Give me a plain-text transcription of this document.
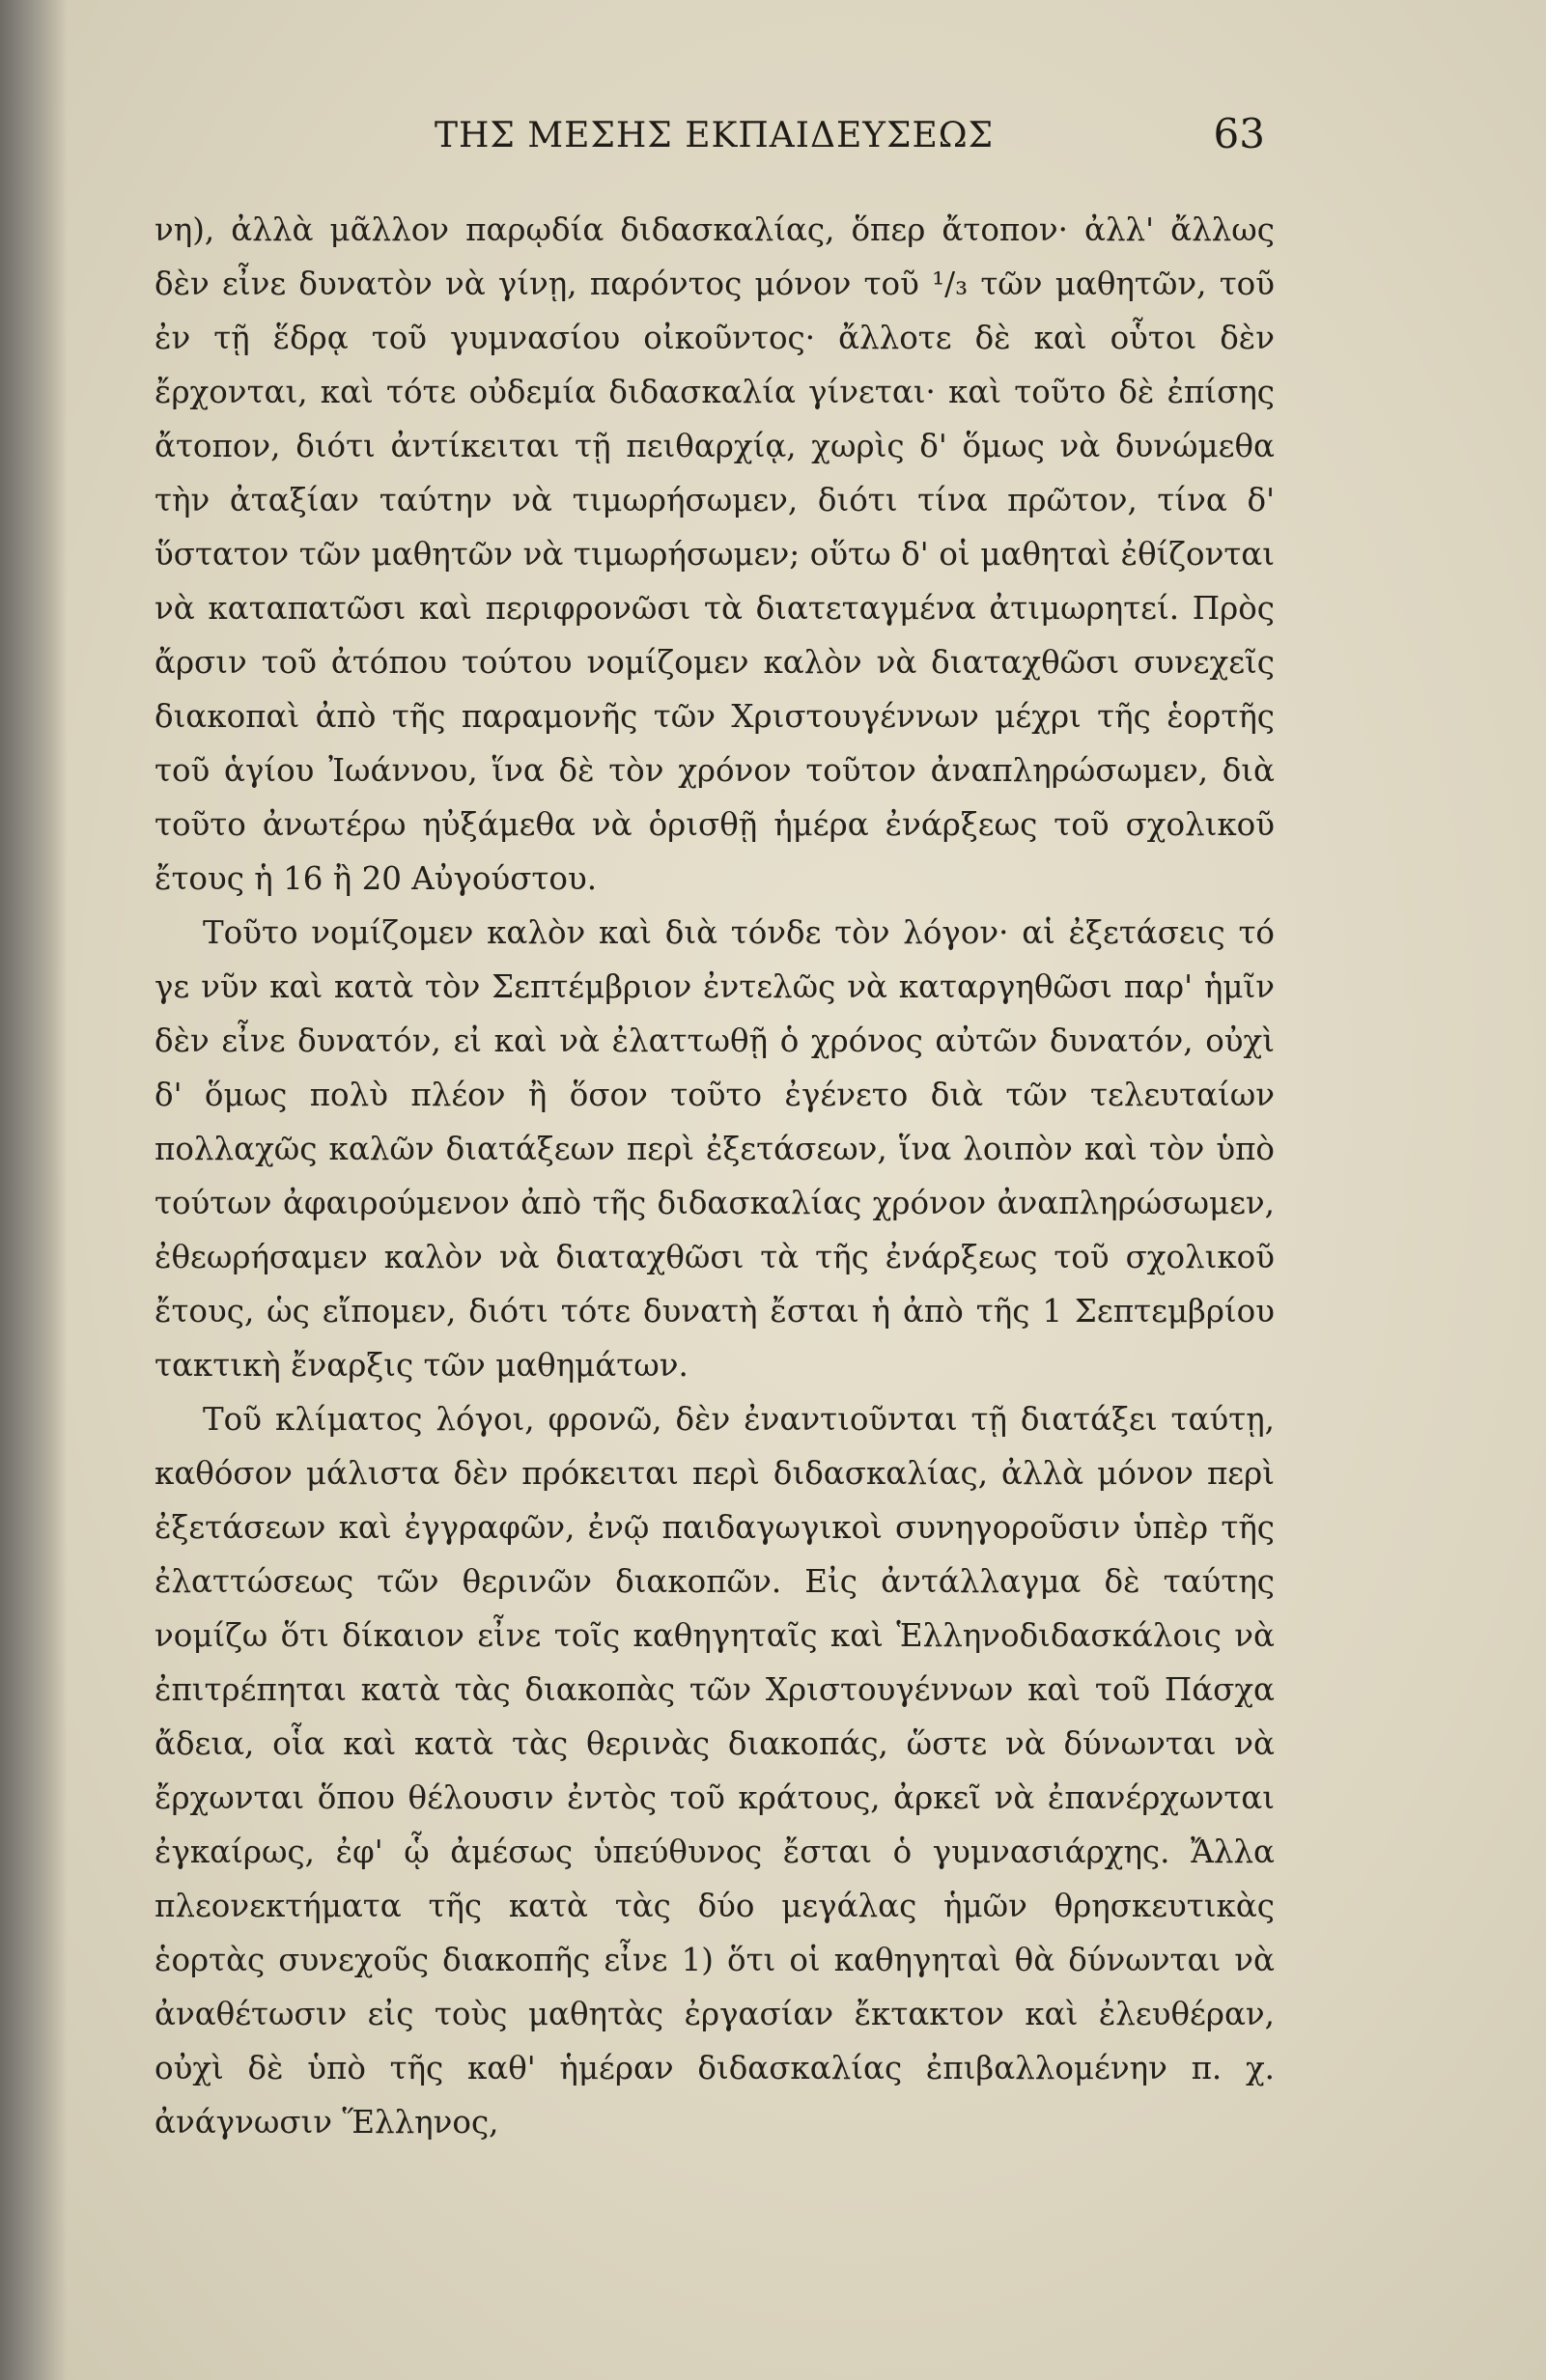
ΤΗΣ ΜΕΣΗΣ ΕΚΠΑΙΔΕΥΣΕΩΣ	63

νη), ἀλλὰ μᾶλλον παρῳδία διδασκαλίας, ὅπερ ἄτοπον· ἀλλ' ἄλλως δὲν εἶνε δυνατὸν νὰ γίνῃ, παρόντος μόνον τοῦ ¹/₃ τῶν μαθητῶν, τοῦ ἐν τῇ ἕδρᾳ τοῦ γυμνασίου οἰκοῦντος· ἄλλοτε δὲ καὶ οὗτοι δὲν ἔρχονται, καὶ τότε οὐδεμία διδασκαλία γίνεται· καὶ τοῦτο δὲ ἐπίσης ἄτοπον, διότι ἀντίκειται τῇ πειθαρχίᾳ, χωρὶς δ' ὅμως νὰ δυνώμεθα τὴν ἀταξίαν ταύτην νὰ τιμωρήσωμεν, διότι τίνα πρῶτον, τίνα δ' ὕστατον τῶν μαθητῶν νὰ τιμωρήσωμεν; οὕτω δ' οἱ μαθηταὶ ἐθίζονται νὰ καταπατῶσι καὶ περιφρονῶσι τὰ διατεταγμένα ἀτιμωρητεί. Πρὸς ἄρσιν τοῦ ἀτόπου τούτου νομίζομεν καλὸν νὰ διαταχθῶσι συνεχεῖς διακοπαὶ ἀπὸ τῆς παραμονῆς τῶν Χριστουγέννων μέχρι τῆς ἑορτῆς τοῦ ἁγίου Ἰωάννου, ἵνα δὲ τὸν χρόνον τοῦτον ἀναπληρώσωμεν, διὰ τοῦτο ἀνωτέρω ηὐξάμεθα νὰ ὁρισθῇ ἡμέρα ἐνάρξεως τοῦ σχολικοῦ ἔτους ἡ 16 ἢ 20 Αὐγούστου.

Τοῦτο νομίζομεν καλὸν καὶ διὰ τόνδε τὸν λόγον· αἱ ἐξετάσεις τό γε νῦν καὶ κατὰ τὸν Σεπτέμβριον ἐντελῶς νὰ καταργηθῶσι παρ' ἡμῖν δὲν εἶνε δυνατόν, εἰ καὶ νὰ ἐλαττωθῇ ὁ χρόνος αὐτῶν δυνατόν, οὐχὶ δ' ὅμως πολὺ πλέον ἢ ὅσον τοῦτο ἐγένετο διὰ τῶν τελευταίων πολλαχῶς καλῶν διατάξεων περὶ ἐξετάσεων, ἵνα λοιπὸν καὶ τὸν ὑπὸ τούτων ἀφαιρούμενον ἀπὸ τῆς διδασκαλίας χρόνον ἀναπληρώσωμεν, ἐθεωρήσαμεν καλὸν νὰ διαταχθῶσι τὰ τῆς ἐνάρξεως τοῦ σχολικοῦ ἔτους, ὡς εἴπομεν, διότι τότε δυνατὴ ἔσται ἡ ἀπὸ τῆς 1 Σεπτεμβρίου τακτικὴ ἔναρξις τῶν μαθημάτων.

Τοῦ κλίματος λόγοι, φρονῶ, δὲν ἐναντιοῦνται τῇ διατάξει ταύτῃ, καθόσον μάλιστα δὲν πρόκειται περὶ διδασκαλίας, ἀλλὰ μόνον περὶ ἐξετάσεων καὶ ἐγγραφῶν, ἐνῷ παιδαγωγικοὶ συνηγοροῦσιν ὑπὲρ τῆς ἐλαττώσεως τῶν θερινῶν διακοπῶν. Εἰς ἀντάλλαγμα δὲ ταύτης νομίζω ὅτι δίκαιον εἶνε τοῖς καθηγηταῖς καὶ Ἑλληνοδιδασκάλοις νὰ ἐπιτρέπηται κατὰ τὰς διακοπὰς τῶν Χριστουγέννων καὶ τοῦ Πάσχα ἄδεια, οἷα καὶ κατὰ τὰς θερινὰς διακοπάς, ὥστε νὰ δύνωνται νὰ ἔρχωνται ὅπου θέλουσιν ἐντὸς τοῦ κράτους, ἀρκεῖ νὰ ἐπανέρχωνται ἐγκαίρως, ἐφ' ᾧ ἀμέσως ὑπεύθυνος ἔσται ὁ γυμνασιάρχης. Ἄλλα πλεονεκτήματα τῆς κατὰ τὰς δύο μεγάλας ἡμῶν θρησκευτικὰς ἑορτὰς συνεχοῦς διακοπῆς εἶνε 1) ὅτι οἱ καθηγηταὶ θὰ δύνωνται νὰ ἀναθέτωσιν εἰς τοὺς μαθητὰς ἐργασίαν ἔκτακτον καὶ ἐλευθέραν, οὐχὶ δὲ ὑπὸ τῆς καθ' ἡμέραν διδασκαλίας ἐπιβαλλομένην π. χ. ἀνάγνωσιν Ἕλληνος,
